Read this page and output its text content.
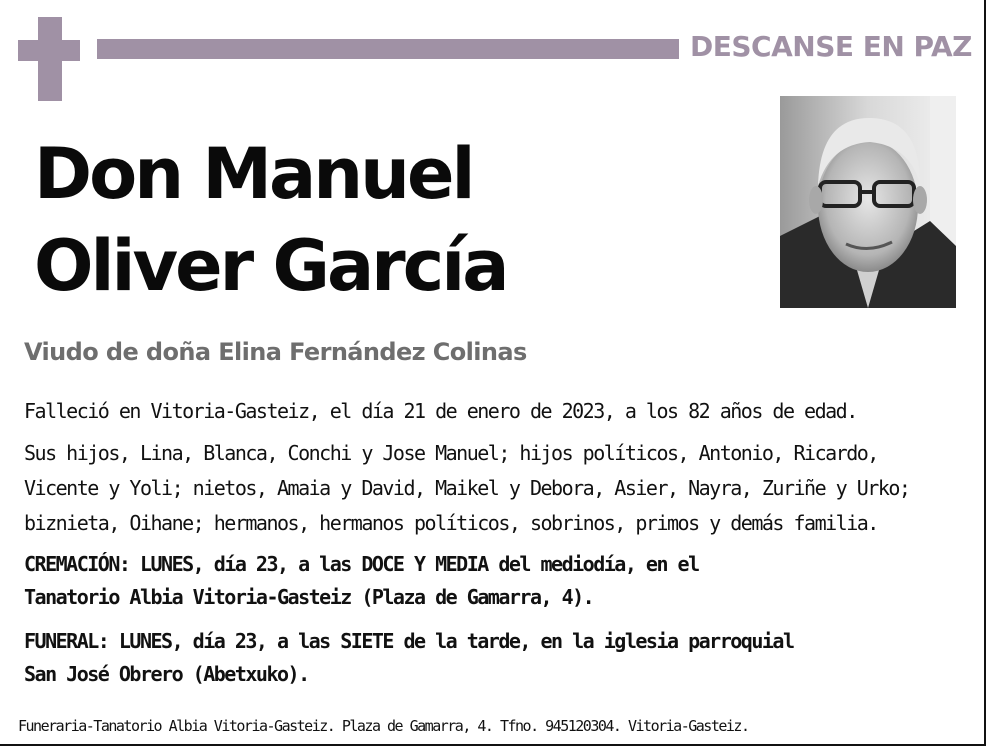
DESCANSE EN PAZ
Don Manuel
Oliver García
Viudo de doña Elina Fernández Colinas
Falleció en Vitoria-Gasteiz, el día 21 de enero de 2023, a los 82 años de edad.
Sus hijos, Lina, Blanca, Conchi y Jose Manuel; hijos políticos, Antonio, Ricardo,
Vicente y Yoli; nietos, Amaia y David, Maikel y Debora, Asier, Nayra, Zuriñe y Urko;
biznieta, Oihane; hermanos, hermanos políticos, sobrinos, primos y demás familia.
CREMACIÓN: LUNES, día 23, a las DOCE Y MEDIA del mediodía, en el
Tanatorio Albia Vitoria-Gasteiz (Plaza de Gamarra, 4).
FUNERAL: LUNES, día 23, a las SIETE de la tarde, en la iglesia parroquial
San José Obrero (Abetxuko).
Funeraria-Tanatorio Albia Vitoria-Gasteiz. Plaza de Gamarra, 4. Tfno. 945120304. Vitoria-Gasteiz.
